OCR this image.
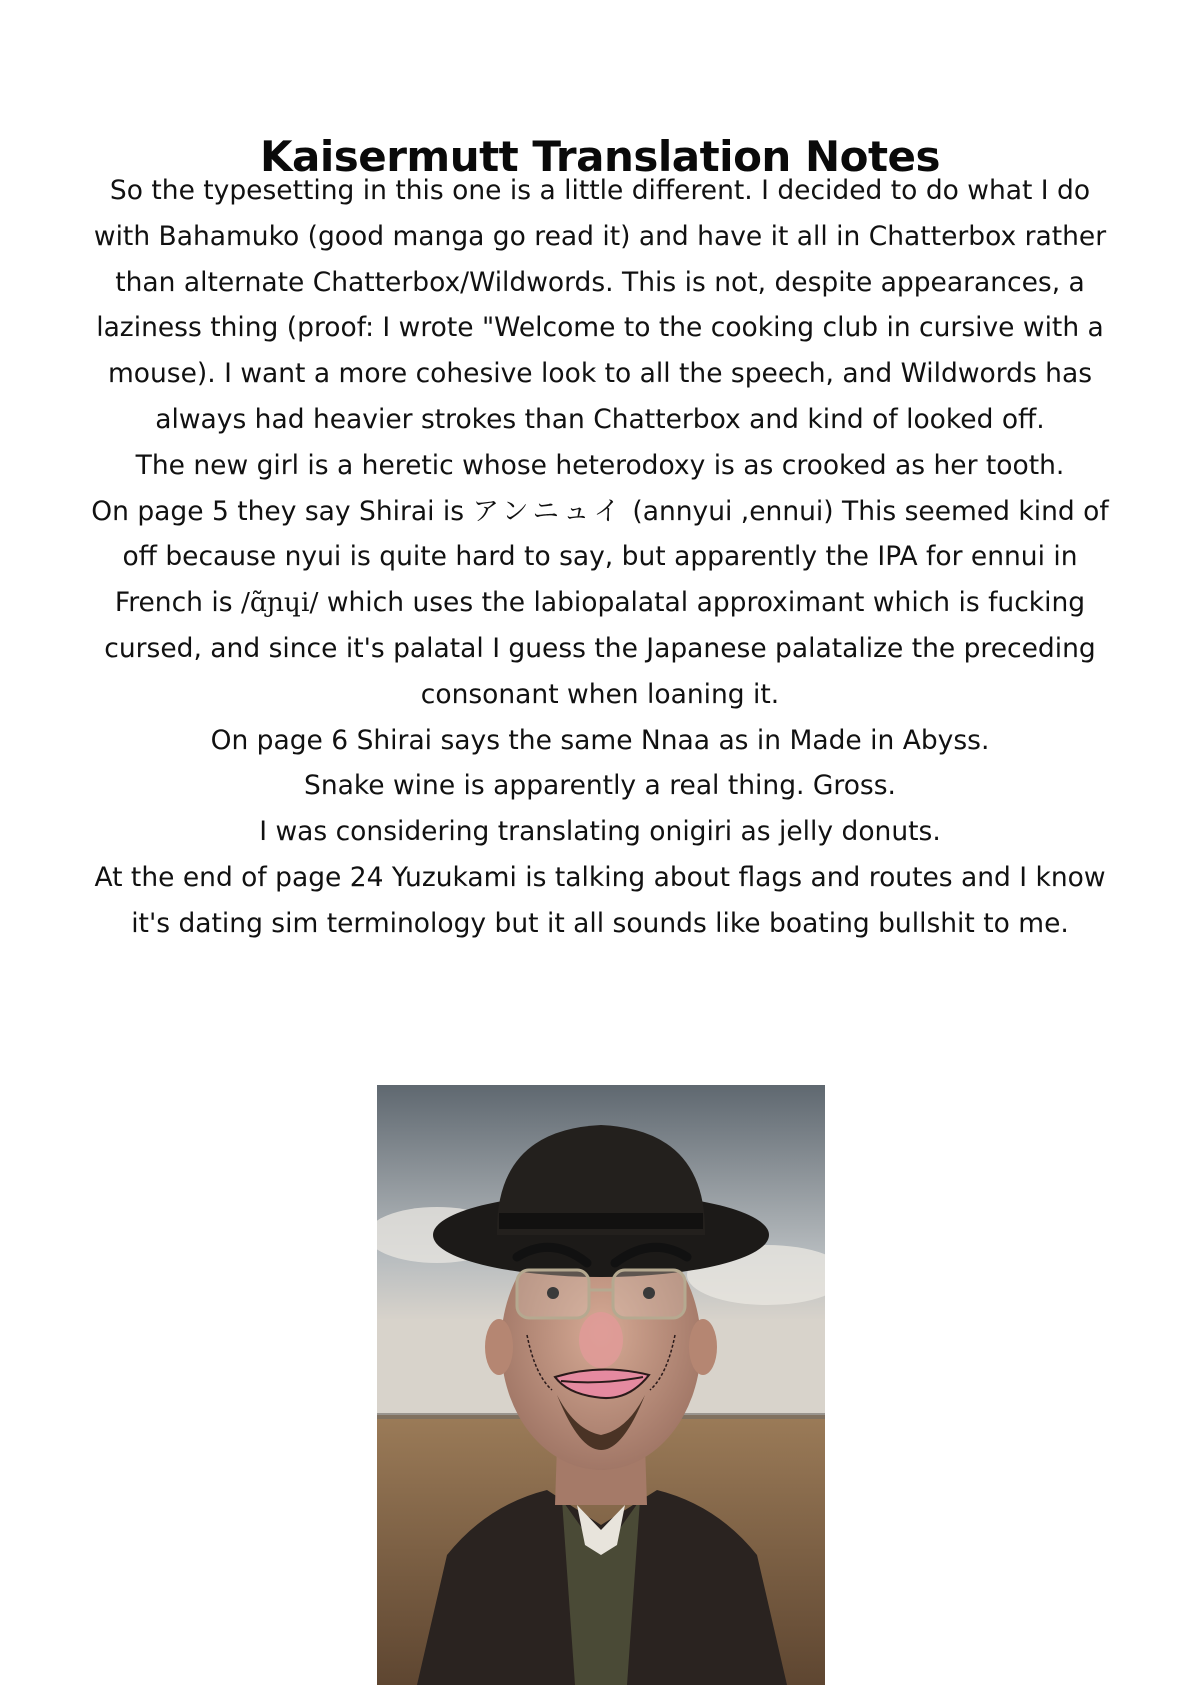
Kaisermutt Translation Notes

So the typesetting in this one is a little different. I decided to do what I do with Bahamuko (good manga go read it) and have it all in Chatterbox rather than alternate Chatterbox/Wildwords. This is not, despite appearances, a laziness thing (proof: I wrote "Welcome to the cooking club in cursive with a mouse). I want a more cohesive look to all the speech, and Wildwords has always had heavier strokes than Chatterbox and kind of looked off.

The new girl is a heretic whose heterodoxy is as crooked as her tooth.

On page 5 they say Shirai is アンニュイ (annyui ,ennui) This seemed kind of off because nyui is quite hard to say, but apparently the IPA for ennui in French is /ɑ̃ɲɥi/ which uses the labiopalatal approximant which is fucking cursed, and since it's palatal I guess the Japanese palatalize the preceding consonant when loaning it.

On page 6 Shirai says the same Nnaa as in Made in Abyss.

Snake wine is apparently a real thing. Gross.

I was considering translating onigiri as jelly donuts.

At the end of page 24 Yuzukami is talking about flags and routes and I know it's dating sim terminology but it all sounds like boating bullshit to me.
